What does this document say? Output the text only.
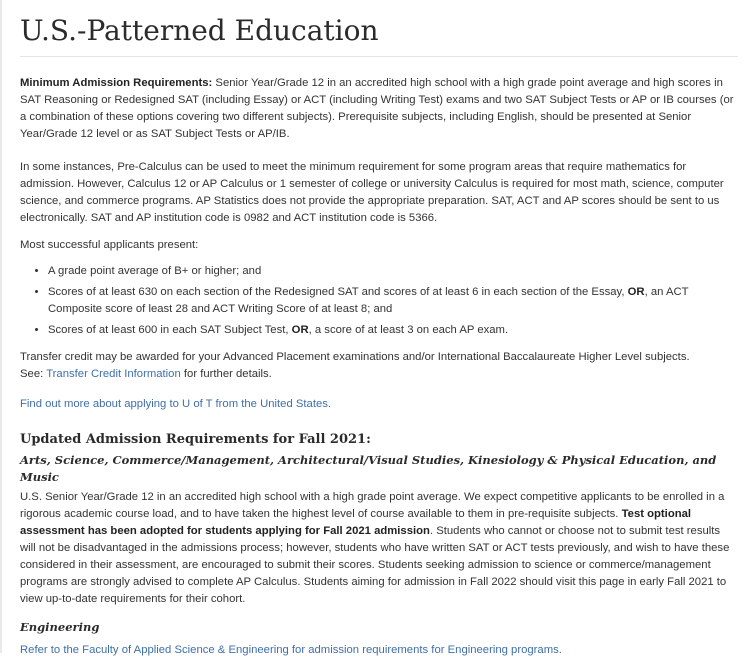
U.S.-Patterned Education

Minimum Admission Requirements: Senior Year/Grade 12 in an accredited high school with a high grade point average and high scores in SAT Reasoning or Redesigned SAT (including Essay) or ACT (including Writing Test) exams and two SAT Subject Tests or AP or IB courses (or a combination of these options covering two different subjects). Prerequisite subjects, including English, should be presented at Senior Year/Grade 12 level or as SAT Subject Tests or AP/IB.

In some instances, Pre-Calculus can be used to meet the minimum requirement for some program areas that require mathematics for admission. However, Calculus 12 or AP Calculus or 1 semester of college or university Calculus is required for most math, science, computer science, and commerce programs. AP Statistics does not provide the appropriate preparation. SAT, ACT and AP scores should be sent to us electronically. SAT and AP institution code is 0982 and ACT institution code is 5366.

Most successful applicants present:

• A grade point average of B+ or higher; and
• Scores of at least 630 on each section of the Redesigned SAT and scores of at least 6 in each section of the Essay, OR, an ACT Composite score of least 28 and ACT Writing Score of at least 8; and
• Scores of at least 600 in each SAT Subject Test, OR, a score of at least 3 on each AP exam.

Transfer credit may be awarded for your Advanced Placement examinations and/or International Baccalaureate Higher Level subjects.
See: Transfer Credit Information for further details.

Find out more about applying to U of T from the United States.

Updated Admission Requirements for Fall 2021:
Arts, Science, Commerce/Management, Architectural/Visual Studies, Kinesiology & Physical Education, and Music

U.S. Senior Year/Grade 12 in an accredited high school with a high grade point average. We expect competitive applicants to be enrolled in a rigorous academic course load, and to have taken the highest level of course available to them in pre-requisite subjects. Test optional assessment has been adopted for students applying for Fall 2021 admission. Students who cannot or choose not to submit test results will not be disadvantaged in the admissions process; however, students who have written SAT or ACT tests previously, and wish to have these considered in their assessment, are encouraged to submit their scores. Students seeking admission to science or commerce/management programs are strongly advised to complete AP Calculus. Students aiming for admission in Fall 2022 should visit this page in early Fall 2021 to view up-to-date requirements for their cohort.

Engineering

Refer to the Faculty of Applied Science & Engineering for admission requirements for Engineering programs.
